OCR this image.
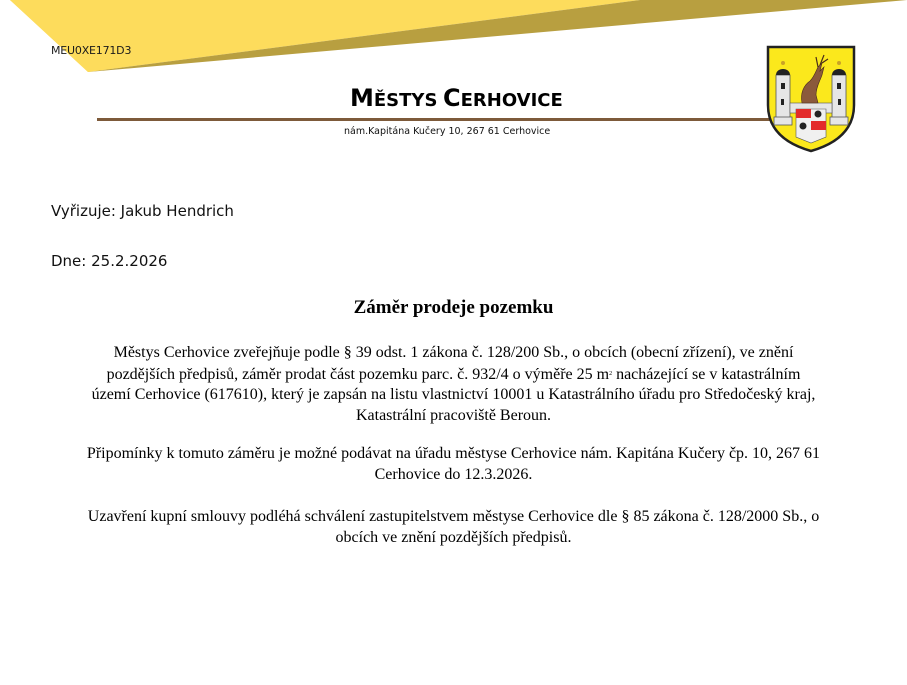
MEU0XE171D3
MĚSTYS CERHOVICE
nám.Kapitána Kučery 10, 267 61 Cerhovice
Vyřizuje: Jakub Hendrich
Dne: 25.2.2026
Záměr prodeje pozemku
Městys Cerhovice zveřejňuje podle § 39 odst. 1 zákona č. 128/200 Sb., o obcích (obecní zřízení), ve znění
pozdějších předpisů, záměr prodat část pozemku parc. č. 932/4 o výměře 25 $m^2$ nacházející se v katastrálním
území Cerhovice (617610), který je zapsán na listu vlastnictví 10001 u Katastrálního úřadu pro Středočeský kraj,
Katastrální pracoviště Beroun.
Připomínky k tomuto záměru je možné podávat na úřadu městyse Cerhovice nám. Kapitána Kučery čp. 10, 267 61
Cerhovice do 12.3.2026.
Uzavření kupní smlouvy podléhá schválení zastupitelstvem městyse Cerhovice dle § 85 zákona č. 128/2000 Sb., o
obcích ve znění pozdějších předpisů.
